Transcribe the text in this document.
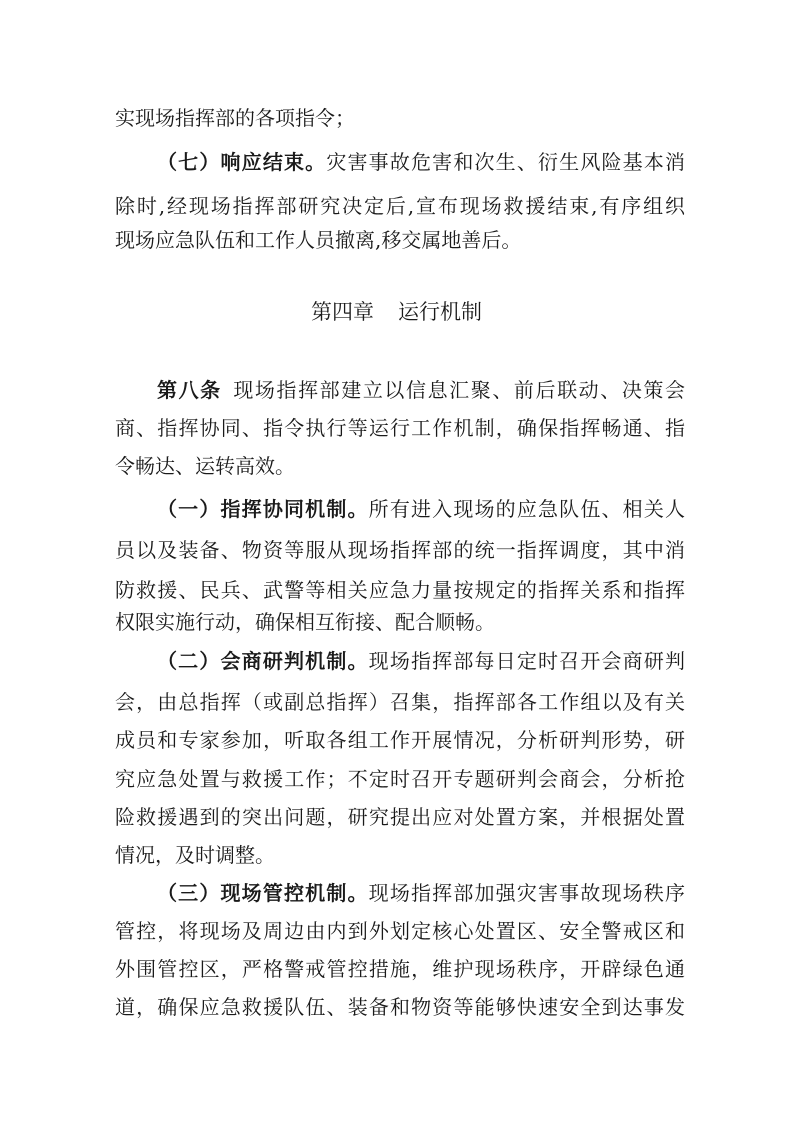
实现场指挥部的各项指令；
（七）响应结束。灾害事故危害和次生、衍生风险基本消
除时,经现场指挥部研究决定后,宣布现场救援结束,有序组织
现场应急队伍和工作人员撤离,移交属地善后。
第四章 运行机制
第八条 现场指挥部建立以信息汇聚、前后联动、决策会
商、指挥协同、指令执行等运行工作机制，确保指挥畅通、指
令畅达、运转高效。
（一）指挥协同机制。所有进入现场的应急队伍、相关人
员以及装备、物资等服从现场指挥部的统一指挥调度，其中消
防救援、民兵、武警等相关应急力量按规定的指挥关系和指挥
权限实施行动，确保相互衔接、配合顺畅。
（二）会商研判机制。现场指挥部每日定时召开会商研判
会，由总指挥（或副总指挥）召集，指挥部各工作组以及有关
成员和专家参加，听取各组工作开展情况，分析研判形势，研
究应急处置与救援工作；不定时召开专题研判会商会，分析抢
险救援遇到的突出问题，研究提出应对处置方案，并根据处置
情况，及时调整。
（三）现场管控机制。现场指挥部加强灾害事故现场秩序
管控，将现场及周边由内到外划定核心处置区、安全警戒区和
外围管控区，严格警戒管控措施，维护现场秩序，开辟绿色通
道，确保应急救援队伍、装备和物资等能够快速安全到达事发
